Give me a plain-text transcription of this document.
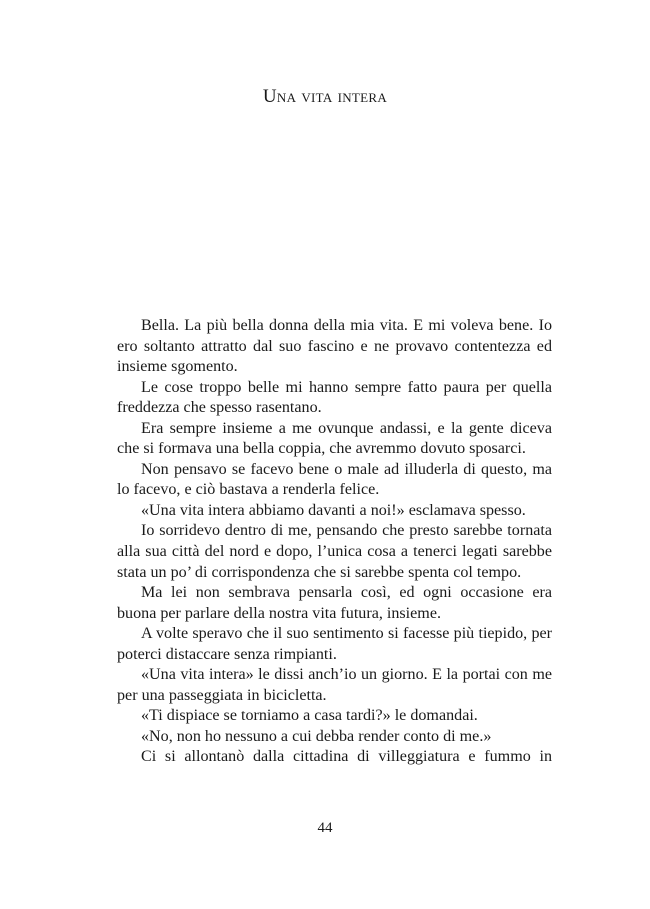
Una vita intera

Bella. La più bella donna della mia vita. E mi voleva bene. Io ero soltanto attratto dal suo fascino e ne provavo contentezza ed insieme sgomento.

Le cose troppo belle mi hanno sempre fatto paura per quella freddezza che spesso rasentano.

Era sempre insieme a me ovunque andassi, e la gente diceva che si formava una bella coppia, che avremmo dovuto sposarci.

Non pensavo se facevo bene o male ad illuderla di questo, ma lo facevo, e ciò bastava a renderla felice.

«Una vita intera abbiamo davanti a noi!» esclamava spesso.

Io sorridevo dentro di me, pensando che presto sarebbe tornata alla sua città del nord e dopo, l’unica cosa a tenerci legati sarebbe stata un po’ di corrispondenza che si sarebbe spenta col tempo.

Ma lei non sembrava pensarla così, ed ogni occasione era buona per parlare della nostra vita futura, insieme.

A volte speravo che il suo sentimento si facesse più tiepido, per poterci distaccare senza rimpianti.

«Una vita intera» le dissi anch’io un giorno. E la portai con me per una passeggiata in bicicletta.

«Ti dispiace se torniamo a casa tardi?» le domandai.

«No, non ho nessuno a cui debba render conto di me.»

Ci si allontanò dalla cittadina di villeggiatura e fummo in

44
